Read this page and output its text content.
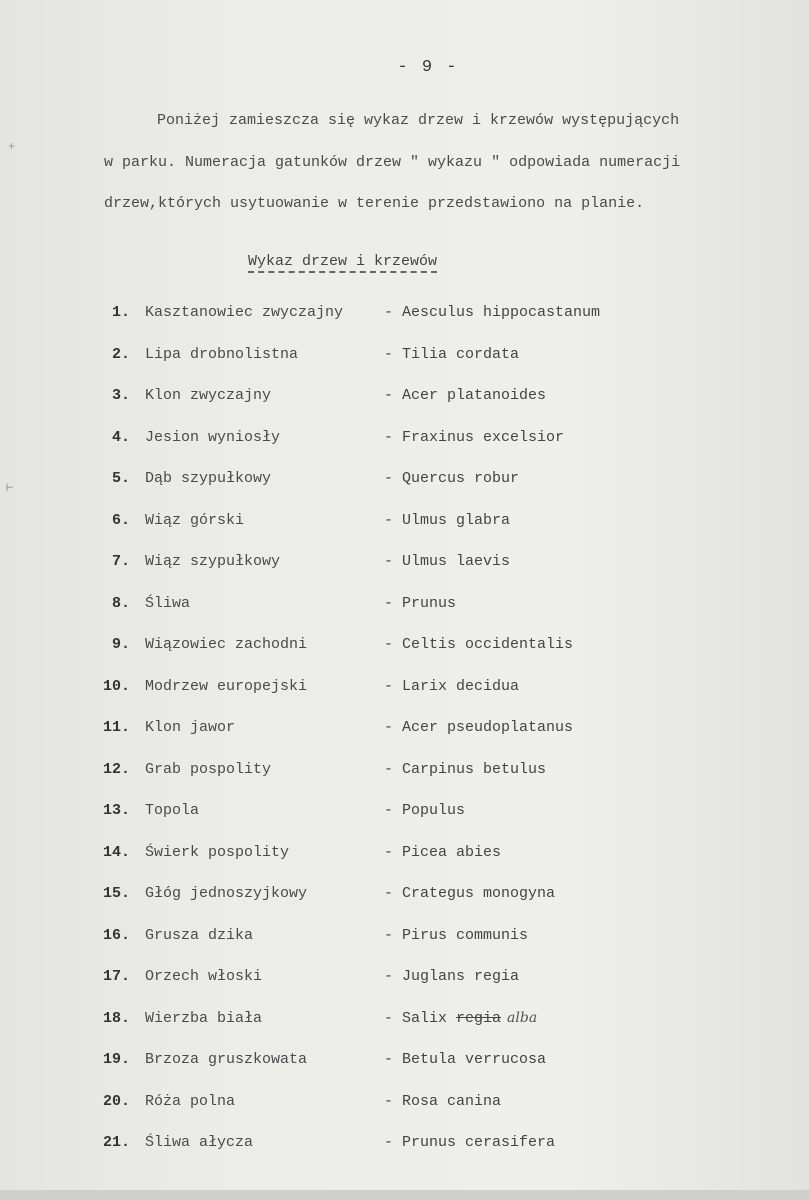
- 9 -
Poniżej zamieszcza się wykaz drzew i krzewów występujących
w parku. Numeracja gatunków drzew " wykazu " odpowiada numeracji
drzew,których usytuowanie w terenie przedstawiono na planie.
Wykaz drzew i krzewów
1. Kasztanowiec zwyczajny	- Aesculus hippocastanum
2. Lipa drobnolistna	- Tilia cordata
3. Klon zwyczajny	- Acer platanoides
4. Jesion wyniosły	- Fraxinus excelsior
5. Dąb szypułkowy	- Quercus robur
6. Wiąz górski	- Ulmus glabra
7. Wiąz szypułkowy	- Ulmus laevis
8. Śliwa	- Prunus
9. Wiązowiec zachodni	- Celtis occidentalis
10. Modrzew europejski	- Larix decidua
11. Klon jawor	- Acer pseudoplatanus
12. Grab pospolity	- Carpinus betulus
13. Topola	- Populus
14. Świerk pospolity	- Picea abies
15. Głóg jednoszyjkowy	- Crategus monogyna
16. Grusza dzika	- Pirus communis
17. Orzech włoski	- Juglans regia
18. Wierzba biała	- Salix regia alba
19. Brzoza gruszkowata	- Betula verrucosa
20. Róża polna	- Rosa canina
21. Śliwa ałycza	- Prunus cerasifera
+
⊢
